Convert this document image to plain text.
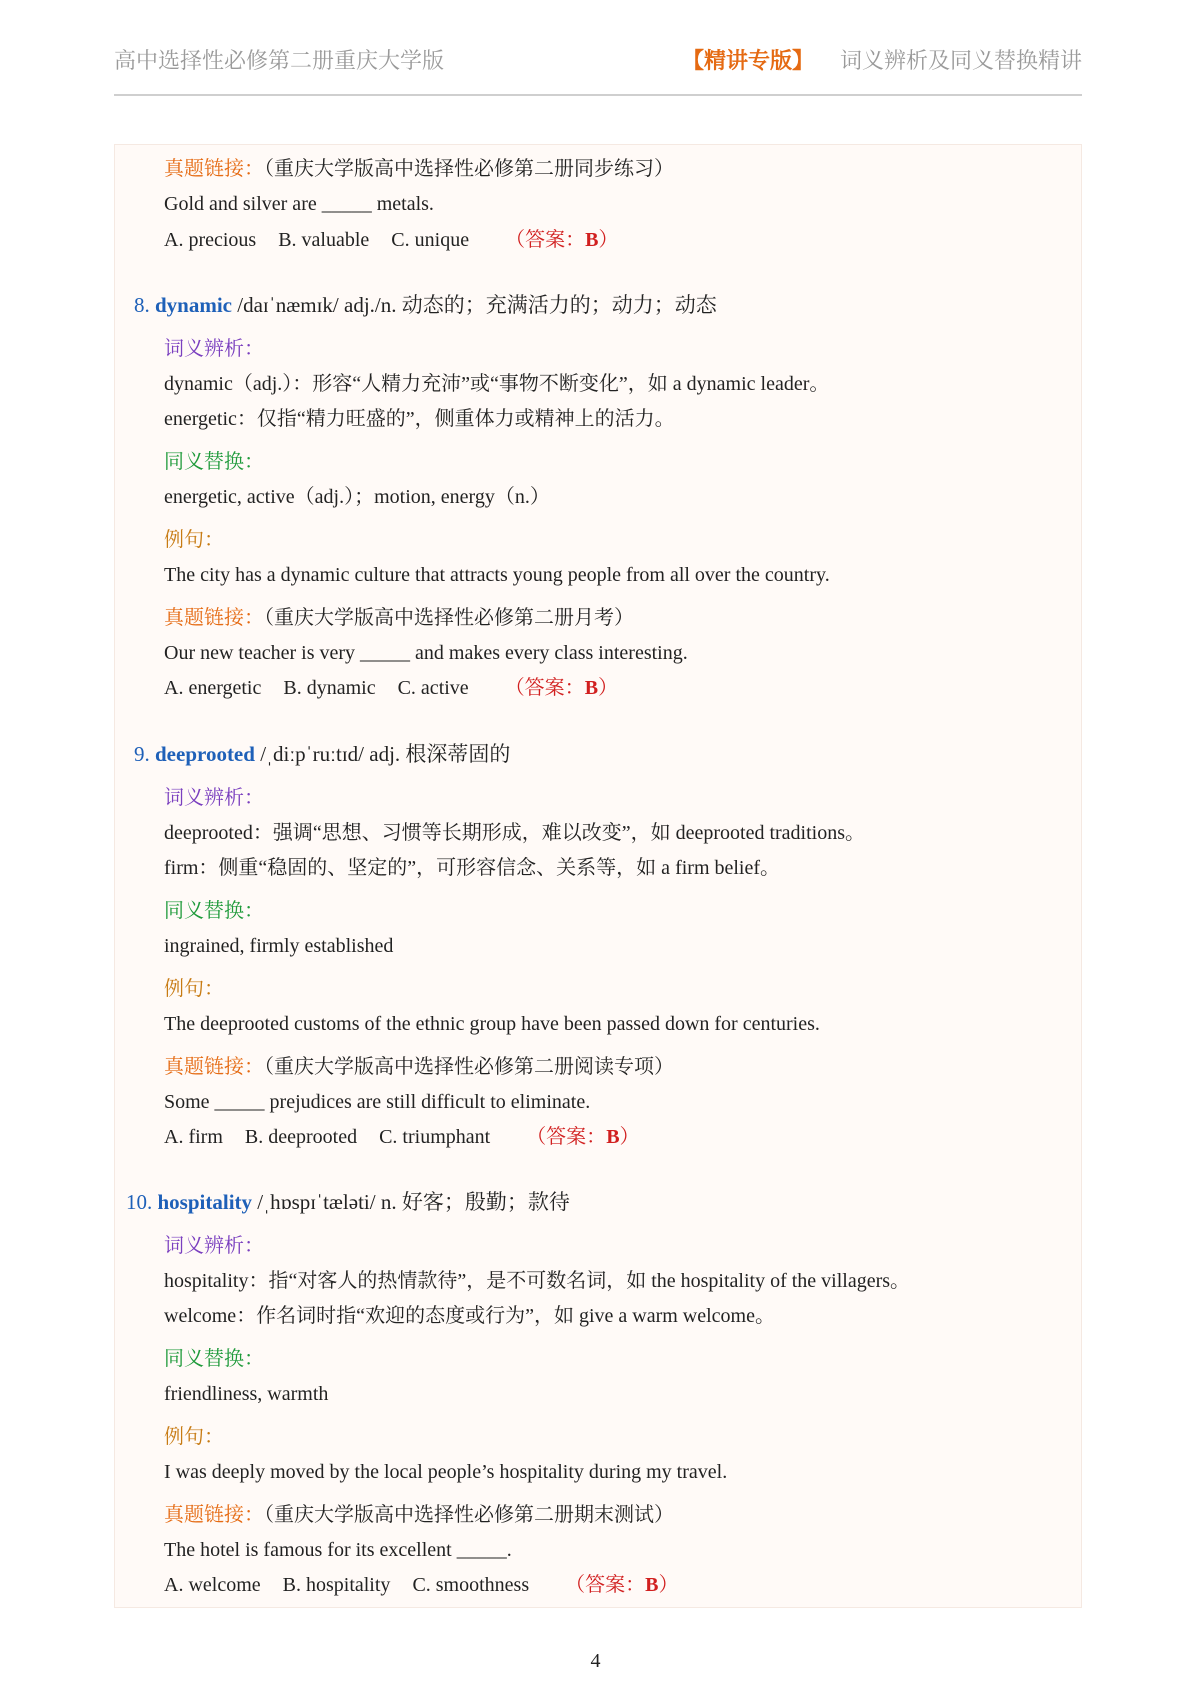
高中选择性必修第二册重庆大学版	【精讲专版】 词义辨析及同义替换精讲
真题链接：（重庆大学版高中选择性必修第二册同步练习）
Gold and silver are _____ metals.
A. precious B. valuable C. unique （答案：B）
8. dynamic /daɪˈnæmɪk/ adj./n. 动态的；充满活力的；动力；动态
词义辨析：
dynamic（adj.）：形容“人精力充沛”或“事物不断变化”，如 a dynamic leader。
energetic：仅指“精力旺盛的”，侧重体力或精神上的活力。
同义替换：
energetic, active（adj.）；motion, energy（n.）
例句：
The city has a dynamic culture that attracts young people from all over the country.
真题链接：（重庆大学版高中选择性必修第二册月考）
Our new teacher is very _____ and makes every class interesting.
A. energetic B. dynamic C. active （答案：B）
9. deeprooted /ˌdiːpˈruːtɪd/ adj. 根深蒂固的
词义辨析：
deeprooted：强调“思想、习惯等长期形成，难以改变”，如 deeprooted traditions。
firm：侧重“稳固的、坚定的”，可形容信念、关系等，如 a firm belief。
同义替换：
ingrained, firmly established
例句：
The deeprooted customs of the ethnic group have been passed down for centuries.
真题链接：（重庆大学版高中选择性必修第二册阅读专项）
Some _____ prejudices are still difficult to eliminate.
A. firm B. deeprooted C. triumphant （答案：B）
10. hospitality /ˌhɒspɪˈtæləti/ n. 好客；殷勤；款待
词义辨析：
hospitality：指“对客人的热情款待”，是不可数名词，如 the hospitality of the villagers。
welcome：作名词时指“欢迎的态度或行为”，如 give a warm welcome。
同义替换：
friendliness, warmth
例句：
I was deeply moved by the local people’s hospitality during my travel.
真题链接：（重庆大学版高中选择性必修第二册期末测试）
The hotel is famous for its excellent _____.
A. welcome B. hospitality C. smoothness （答案：B）
4
